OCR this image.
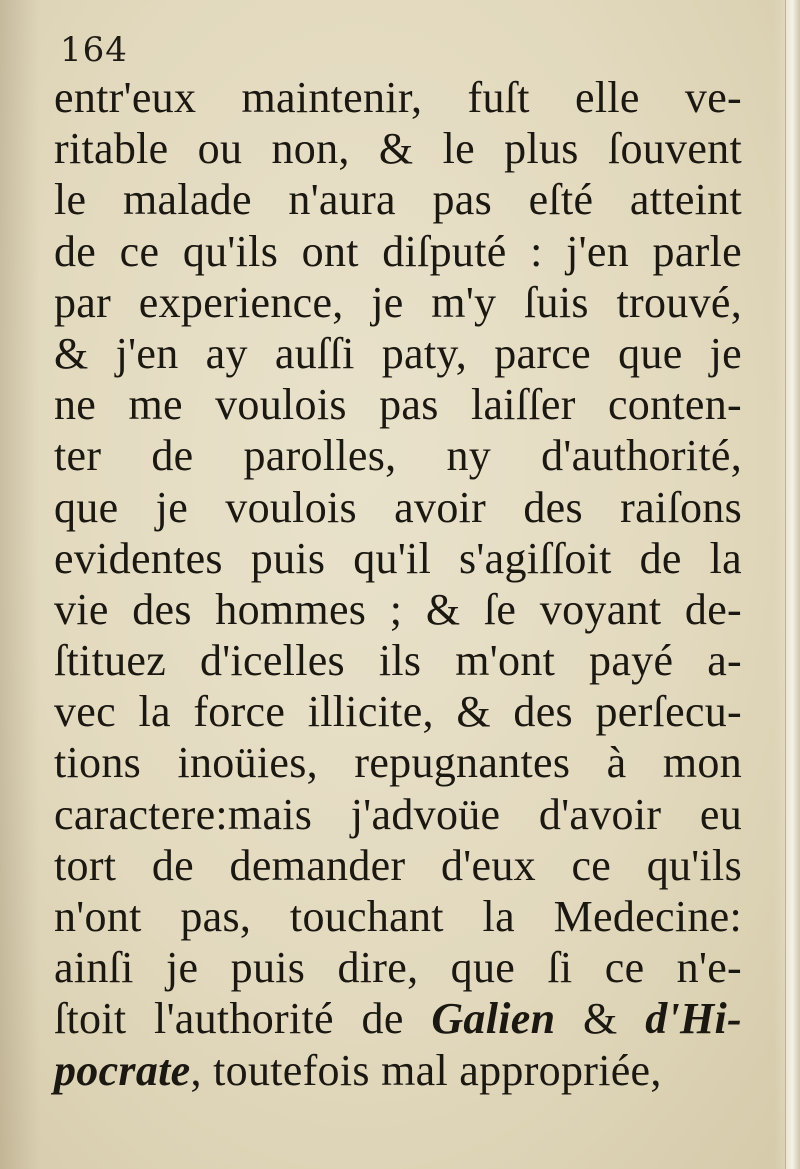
164
entr'eux maintenir, fuſt elle ve-
ritable ou non, & le plus ſouvent
le malade n'aura pas eſté atteint
de ce qu'ils ont diſputé : j'en parle
par experience, je m'y ſuis trouvé,
& j'en ay auſſi paty, parce que je
ne me voulois pas laiſſer conten-
ter de parolles, ny d'authorité,
que je voulois avoir des raiſons
evidentes puis qu'il s'agiſſoit de la
vie des hommes ; & ſe voyant de-
ſtituez d'icelles ils m'ont payé a-
vec la force illicite, & des perſecu-
tions inoüies, repugnantes à mon
caractere:mais j'advoüe d'avoir eu
tort de demander d'eux ce qu'ils
n'ont pas, touchant la Medecine:
ainſi je puis dire, que ſi ce n'e-
ſtoit l'authorité de Galien & d'Hi-
pocrate, toutefois mal appropriée,
